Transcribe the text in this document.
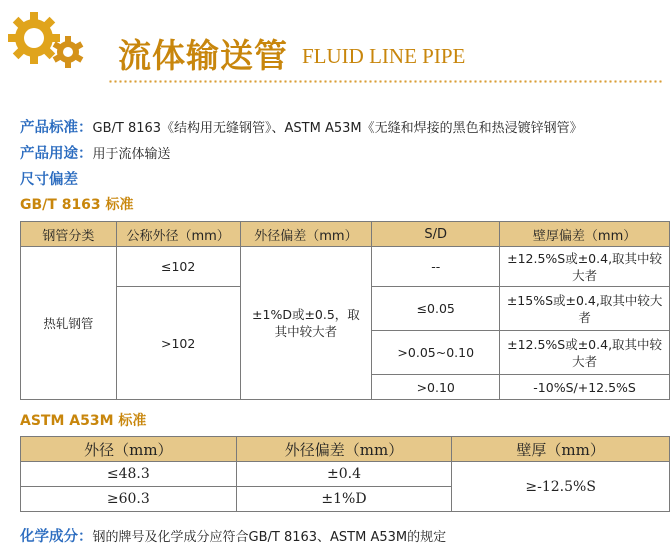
流体输送管 FLUID LINE PIPE
产品标准：GB/T 8163《结构用无缝钢管》、ASTM A53M《无缝和焊接的黑色和热浸镀锌钢管》
产品用途：用于流体输送
尺寸偏差
GB/T 8163 标准
钢管分类	公称外径（mm）	外径偏差（mm）	S/D	壁厚偏差（mm）
热轧钢管	≤102	±1%D或±0.5，取其中较大者	--	±12.5%S或±0.4,取其中较大者
	>102		≤0.05	±15%S或±0.4,取其中较大者
			>0.05~0.10	±12.5%S或±0.4,取其中较大者
			>0.10	-10%S/+12.5%S
ASTM A53M 标准
外径（mm）	外径偏差（mm）	壁厚（mm）
≤48.3	±0.4	≥-12.5%S
≥60.3	±1%D	
化学成分：钢的牌号及化学成分应符合GB/T 8163、ASTM A53M的规定
